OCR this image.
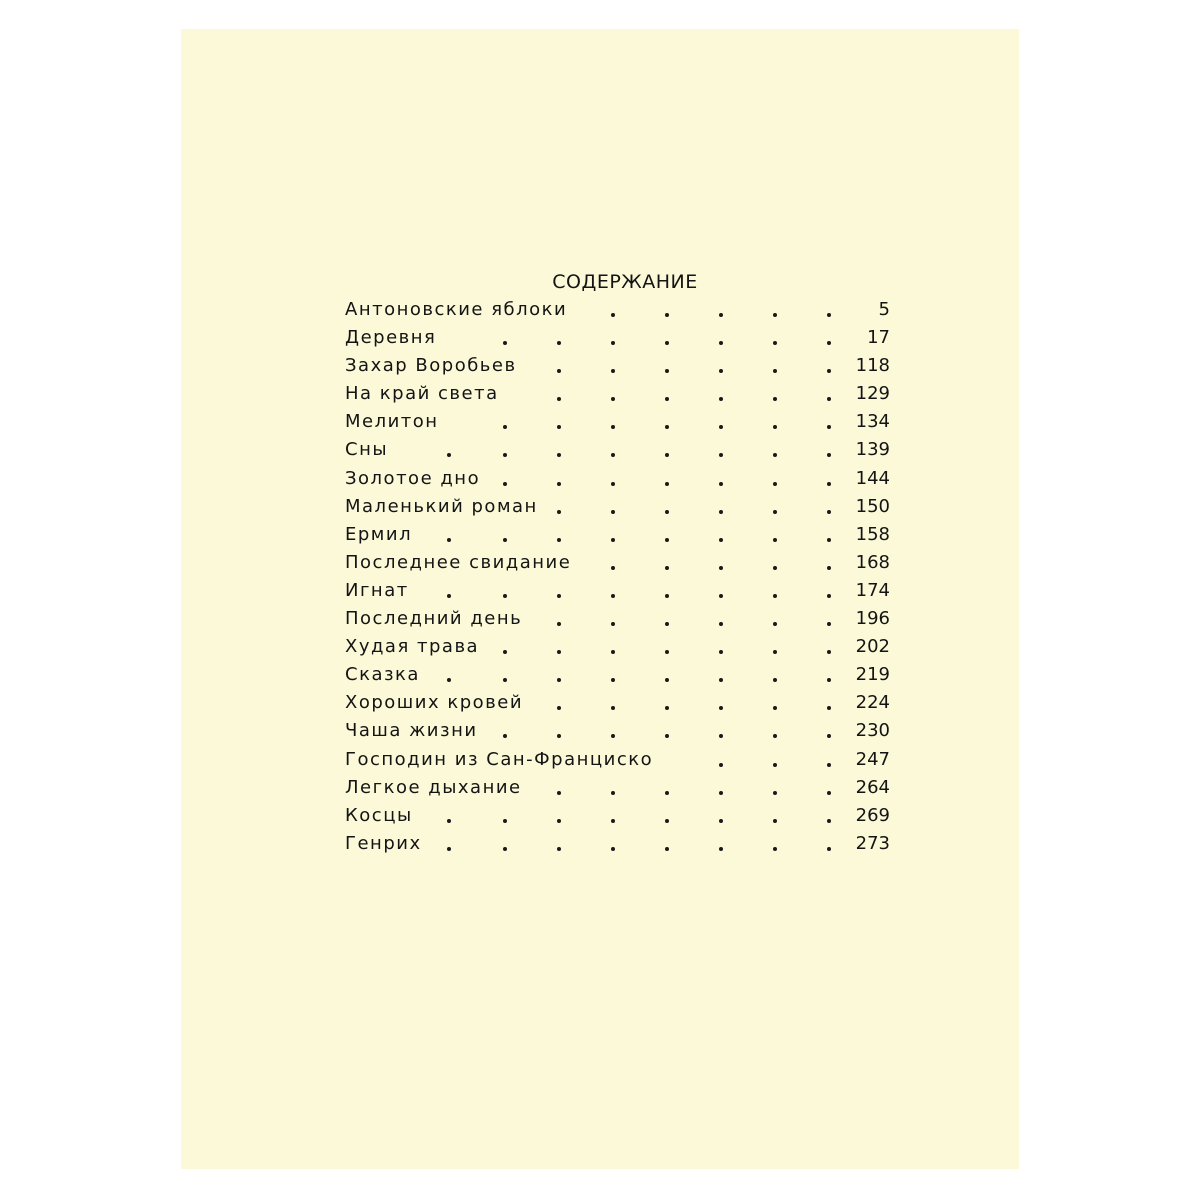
СОДЕРЖАНИЕ
Антоновские яблоки	5
Деревня	17
Захар Воробьев	118
На край света	129
Мелитон	134
Сны	139
Золотое дно	144
Маленький роман	150
Ермил	158
Последнее свидание	168
Игнат	174
Последний день	196
Худая трава	202
Сказка	219
Хороших кровей	224
Чаша жизни	230
Господин из Сан-Франциско	247
Легкое дыхание	264
Косцы	269
Генрих	273
